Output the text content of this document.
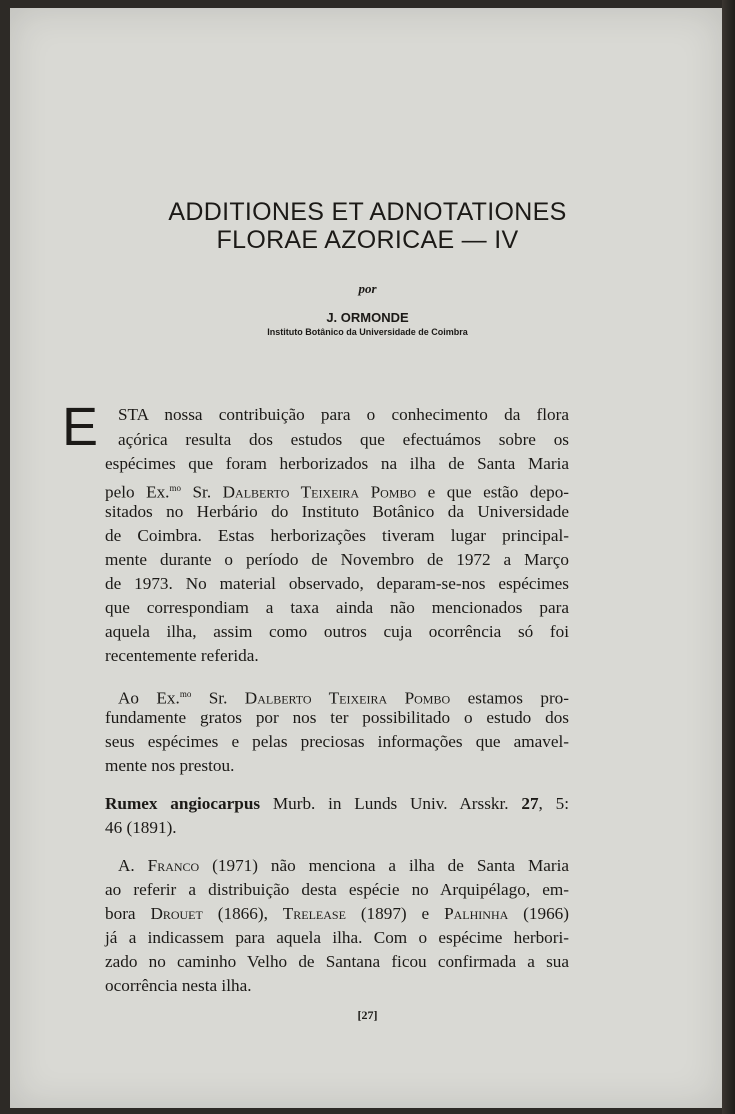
ADDITIONES ET ADNOTATIONES
FLORAE AZORICAE — IV
por
J. ORMONDE
Instituto Botânico da Universidade de Coimbra
E STA nossa contribuição para o conhecimento da flora
açórica resulta dos estudos que efectuámos sobre os
espécimes que foram herborizados na ilha de Santa Maria
pelo Ex.$^{mo}$ Sr. Dalberto Teixeira Pombo e que estão depo-
sitados no Herbário do Instituto Botânico da Universidade
de Coimbra. Estas herborizações tiveram lugar principal-
mente durante o período de Novembro de 1972 a Março
de 1973. No material observado, deparam-se-nos espécimes
que correspondiam a taxa ainda não mencionados para
aquela ilha, assim como outros cuja ocorrência só foi
recentemente referida.
Ao Ex.$^{mo}$ Sr. Dalberto Teixeira Pombo estamos pro-
fundamente gratos por nos ter possibilitado o estudo dos
seus espécimes e pelas preciosas informações que amavel-
mente nos prestou.
Rumex angiocarpus Murb. in Lunds Univ. Arsskr. 27, 5:
46 (1891).
A. Franco (1971) não menciona a ilha de Santa Maria
ao referir a distribuição desta espécie no Arquipélago, em-
bora Drouet (1866), Trelease (1897) e Palhinha (1966)
já a indicassem para aquela ilha. Com o espécime herbori-
zado no caminho Velho de Santana ficou confirmada a sua
ocorrência nesta ilha.
[27]
